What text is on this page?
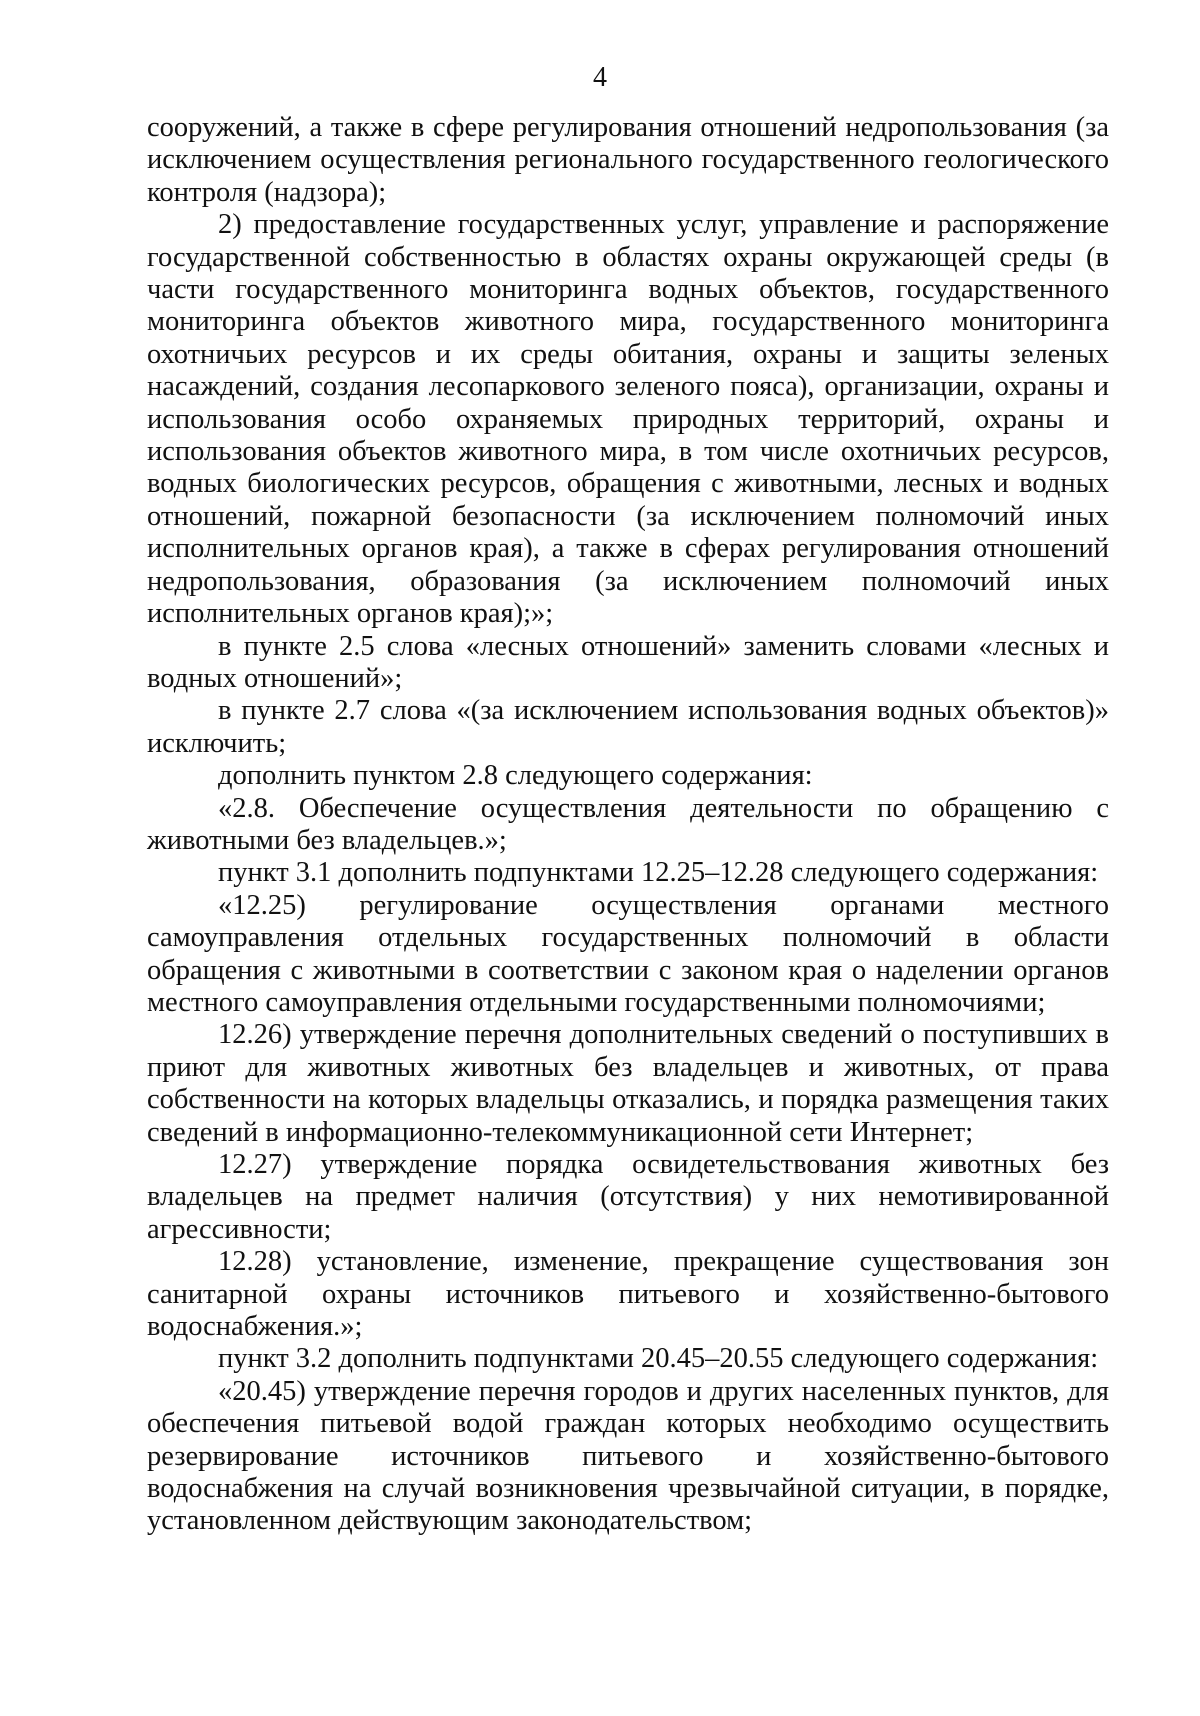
4

сооружений, а также в сфере регулирования отношений недропользования (за исключением осуществления регионального государственного геологического контроля (надзора);

2) предоставление государственных услуг, управление и распоряжение государственной собственностью в областях охраны окружающей среды (в части государственного мониторинга водных объектов, государственного мониторинга объектов животного мира, государственного мониторинга охотничьих ресурсов и их среды обитания, охраны и защиты зеленых насаждений, создания лесопаркового зеленого пояса), организации, охраны и использования особо охраняемых природных территорий, охраны и использования объектов животного мира, в том числе охотничьих ресурсов, водных биологических ресурсов, обращения с животными, лесных и водных отношений, пожарной безопасности (за исключением полномочий иных исполнительных органов края), а также в сферах регулирования отношений недропользования, образования (за исключением полномочий иных исполнительных органов края);»;

в пункте 2.5 слова «лесных отношений» заменить словами «лесных и водных отношений»;

в пункте 2.7 слова «(за исключением использования водных объектов)» исключить;

дополнить пунктом 2.8 следующего содержания:

«2.8. Обеспечение осуществления деятельности по обращению с животными без владельцев.»;

пункт 3.1 дополнить подпунктами 12.25–12.28 следующего содержания:

«12.25) регулирование осуществления органами местного самоуправления отдельных государственных полномочий в области обращения с животными в соответствии с законом края о наделении органов местного самоуправления отдельными государственными полномочиями;

12.26) утверждение перечня дополнительных сведений о поступивших в приют для животных животных без владельцев и животных, от права собственности на которых владельцы отказались, и порядка размещения таких сведений в информационно-телекоммуникационной сети Интернет;

12.27) утверждение порядка освидетельствования животных без владельцев на предмет наличия (отсутствия) у них немотивированной агрессивности;

12.28) установление, изменение, прекращение существования зон санитарной охраны источников питьевого и хозяйственно-бытового водоснабжения.»;

пункт 3.2 дополнить подпунктами 20.45–20.55 следующего содержания:

«20.45) утверждение перечня городов и других населенных пунктов, для обеспечения питьевой водой граждан которых необходимо осуществить резервирование источников питьевого и хозяйственно-бытового водоснабжения на случай возникновения чрезвычайной ситуации, в порядке, установленном действующим законодательством;
